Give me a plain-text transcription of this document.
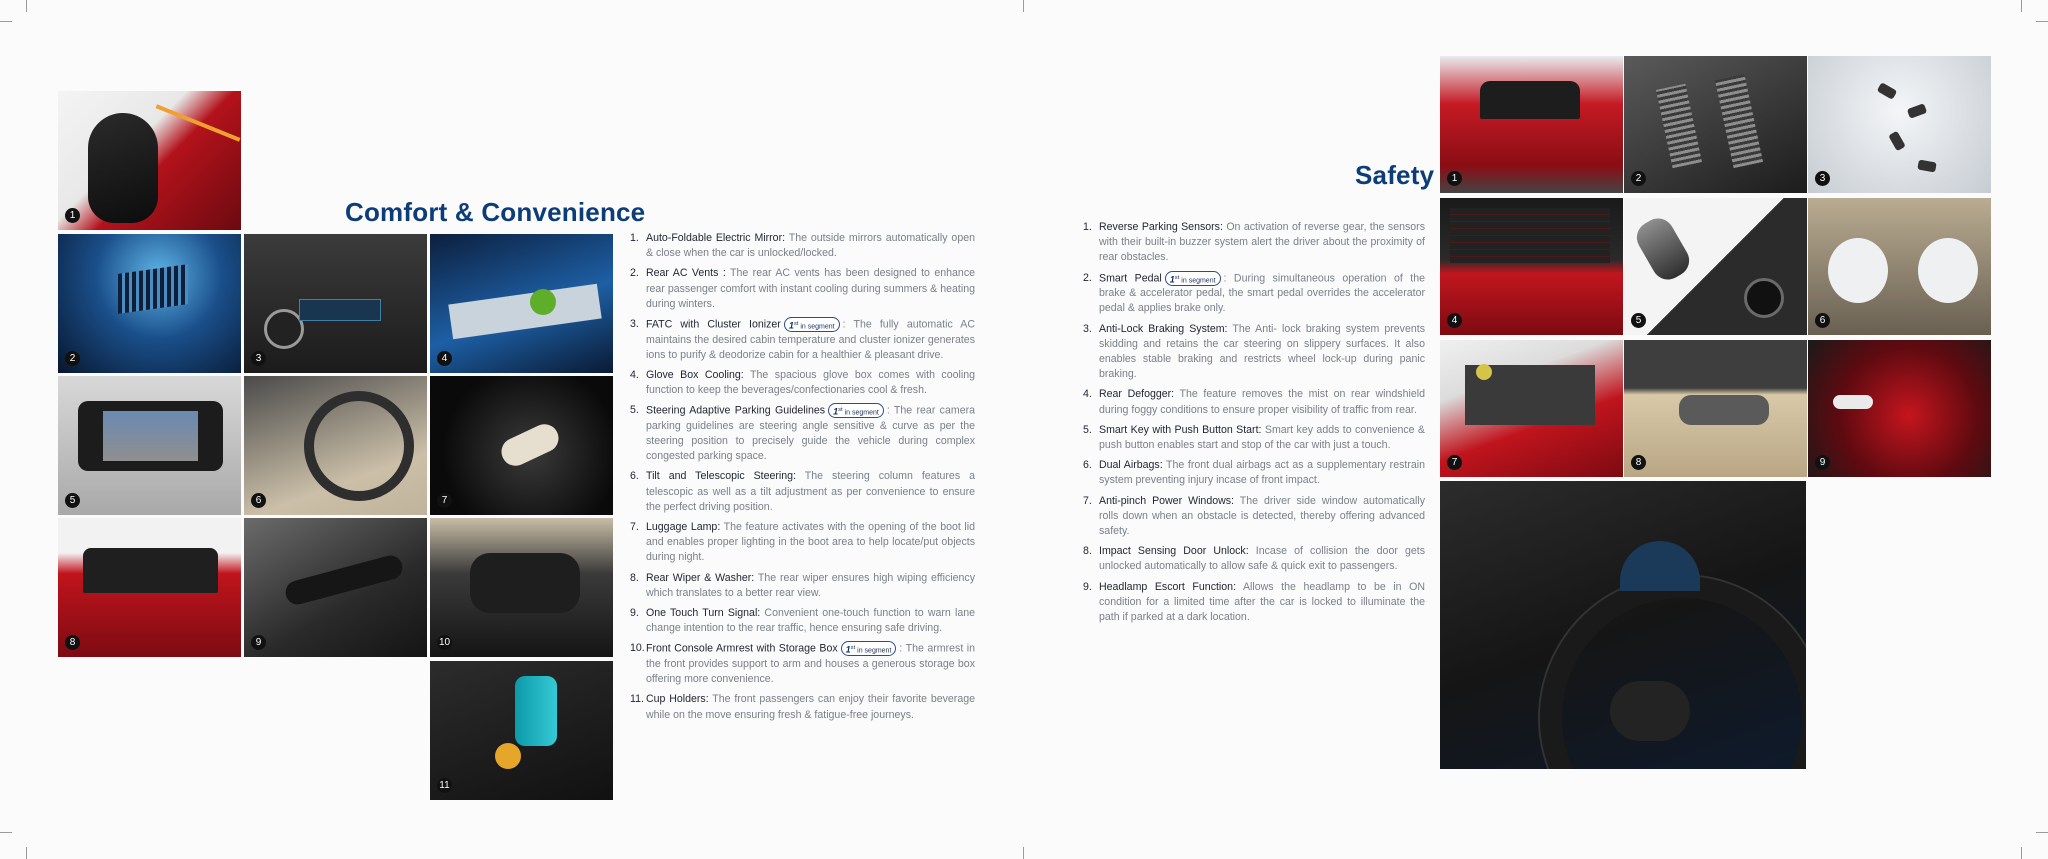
1
2	3	4
5	6	7
8	9	10
11
Comfort & Convenience
1. Auto-Foldable Electric Mirror: The outside mirrors automatically open & close when the car is unlocked/locked.
2. Rear AC Vents : The rear AC vents has been designed to enhance rear passenger comfort with instant cooling during summers & heating during winters.
3. FATC with Cluster Ionizer 1st in segment : The fully automatic AC maintains the desired cabin temperature and cluster ionizer generates ions to purify & deodorize cabin for a healthier & pleasant drive.
4. Glove Box Cooling: The spacious glove box comes with cooling function to keep the beverages/confectionaries cool & fresh.
5. Steering Adaptive Parking Guidelines 1st in segment : The rear camera parking guidelines are steering angle sensitive & curve as per the steering position to precisely guide the vehicle during complex congested parking space.
6. Tilt and Telescopic Steering: The steering column features a telescopic as well as a tilt adjustment as per convenience to ensure the perfect driving position.
7. Luggage Lamp: The feature activates with the opening of the boot lid and enables proper lighting in the boot area to help locate/put objects during night.
8. Rear Wiper & Washer: The rear wiper ensures high wiping efficiency which translates to a better rear view.
9. One Touch Turn Signal: Convenient one-touch function to warn lane change intention to the rear traffic, hence ensuring safe driving.
10. Front Console Armrest with Storage Box 1st in segment : The armrest in the front provides support to arm and houses a generous storage box offering more convenience.
11. Cup Holders: The front passengers can enjoy their favorite beverage while on the move ensuring fresh & fatigue-free journeys.
Safety
1. Reverse Parking Sensors: On activation of reverse gear, the sensors with their built-in buzzer system alert the driver about the proximity of rear obstacles.
2. Smart Pedal 1st in segment : During simultaneous operation of the brake & accelerator pedal, the smart pedal overrides the accelerator pedal & applies brake only.
3. Anti-Lock Braking System: The Anti- lock braking system prevents skidding and retains the car steering on slippery surfaces. It also enables stable braking and restricts wheel lock-up during panic braking.
4. Rear Defogger: The feature removes the mist on rear windshield during foggy conditions to ensure proper visibility of traffic from rear.
5. Smart Key with Push Button Start: Smart key adds to convenience & push button enables start and stop of the car with just a touch.
6. Dual Airbags: The front dual airbags act as a supplementary restrain system preventing injury incase of front impact.
7. Anti-pinch Power Windows: The driver side window automatically rolls down when an obstacle is detected, thereby offering advanced safety.
8. Impact Sensing Door Unlock: Incase of collision the door gets unlocked automatically to allow safe & quick exit to passengers.
9. Headlamp Escort Function: Allows the headlamp to be in ON condition for a limited time after the car is locked to illuminate the path if parked at a dark location.
1	2	3
4	5	6
7	8	9
